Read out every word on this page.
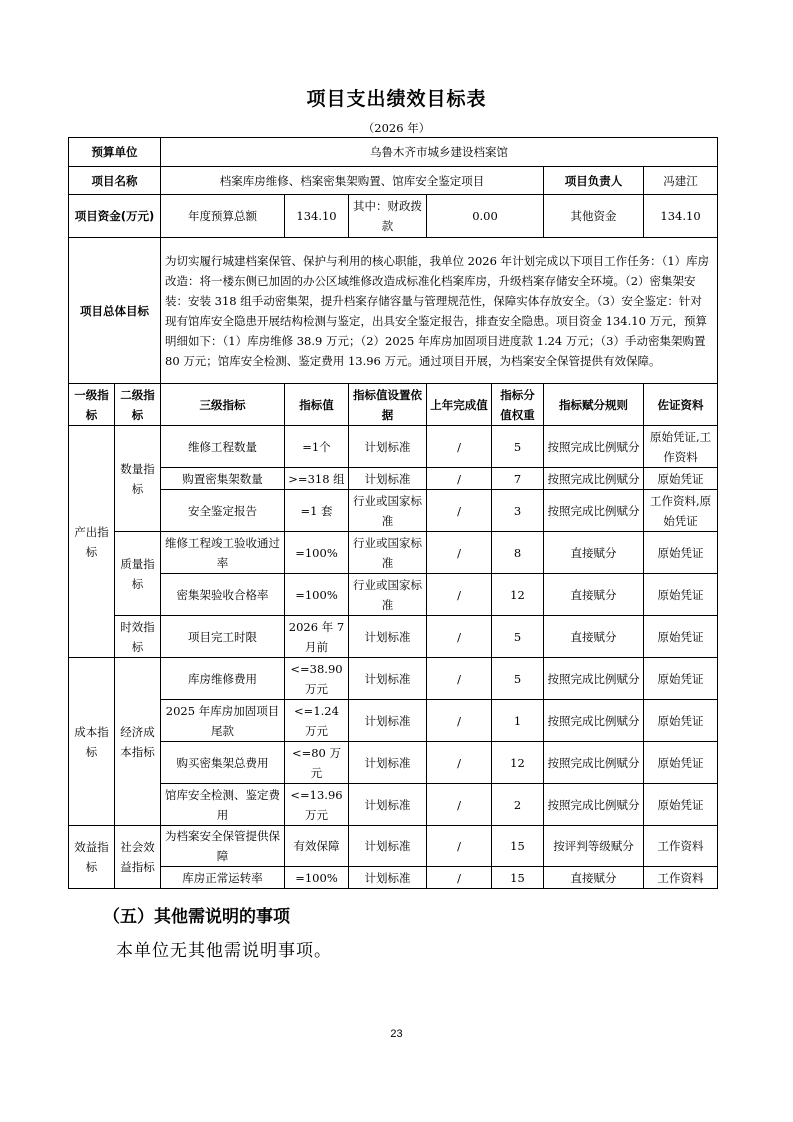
项目支出绩效目标表
（2026 年）
预算单位		乌鲁木齐市城乡建设档案馆						
项目名称		档案库房维修、档案密集架购置、馆库安全鉴定项目					项目负责人	冯建江
项目资金(万元)		年度预算总额	134.10	其中：财政拨款	0.00		其他资金	134.10
项目总体目标		为切实履行城建档案保管、保护与利用的核心职能，我单位 2026 年计划完成以下项目工作任务：（1）库房改造：将一楼东侧已加固的办公区域维修改造成标准化档案库房，升级档案存储安全环境。（2）密集架安装：安装 318 组手动密集架，提升档案存储容量与管理规范性，保障实体存放安全。（3）安全鉴定：针对现有馆库安全隐患开展结构检测与鉴定，出具安全鉴定报告，排查安全隐患。项目资金 134.10 万元，预算明细如下：（1）库房维修 38.9 万元；（2）2025 年库房加固项目进度款 1.24 万元；（3）手动密集架购置 80 万元；馆库安全检测、鉴定费用 13.96 万元。通过项目开展，为档案安全保管提供有效保障。						
一级指标	二级指标	三级指标	指标值	指标值设置依据	上年完成值	指标分值权重	指标赋分规则	佐证资料
产出指标	数量指标	维修工程数量	=1个	计划标准	/	5	按照完成比例赋分	原始凭证,工作资料
		购置密集架数量	>=318 组	计划标准	/	7	按照完成比例赋分	原始凭证
		安全鉴定报告	=1 套	行业或国家标准	/	3	按照完成比例赋分	工作资料,原始凭证
	质量指标	维修工程竣工验收通过率	=100%	行业或国家标准	/	8	直接赋分	原始凭证
		密集架验收合格率	=100%	行业或国家标准	/	12	直接赋分	原始凭证
	时效指标	项目完工时限	2026 年 7 月前	计划标准	/	5	直接赋分	原始凭证
成本指标	经济成本指标	库房维修费用	<=38.90 万元	计划标准	/	5	按照完成比例赋分	原始凭证
		2025 年库房加固项目尾款	<=1.24 万元	计划标准	/	1	按照完成比例赋分	原始凭证
		购买密集架总费用	<=80 万元	计划标准	/	12	按照完成比例赋分	原始凭证
		馆库安全检测、鉴定费用	<=13.96 万元	计划标准	/	2	按照完成比例赋分	原始凭证
效益指标	社会效益指标	为档案安全保管提供保障	有效保障	计划标准	/	15	按评判等级赋分	工作资料
		库房正常运转率	=100%	计划标准	/	15	直接赋分	工作资料
（五）其他需说明的事项
本单位无其他需说明事项。
23
